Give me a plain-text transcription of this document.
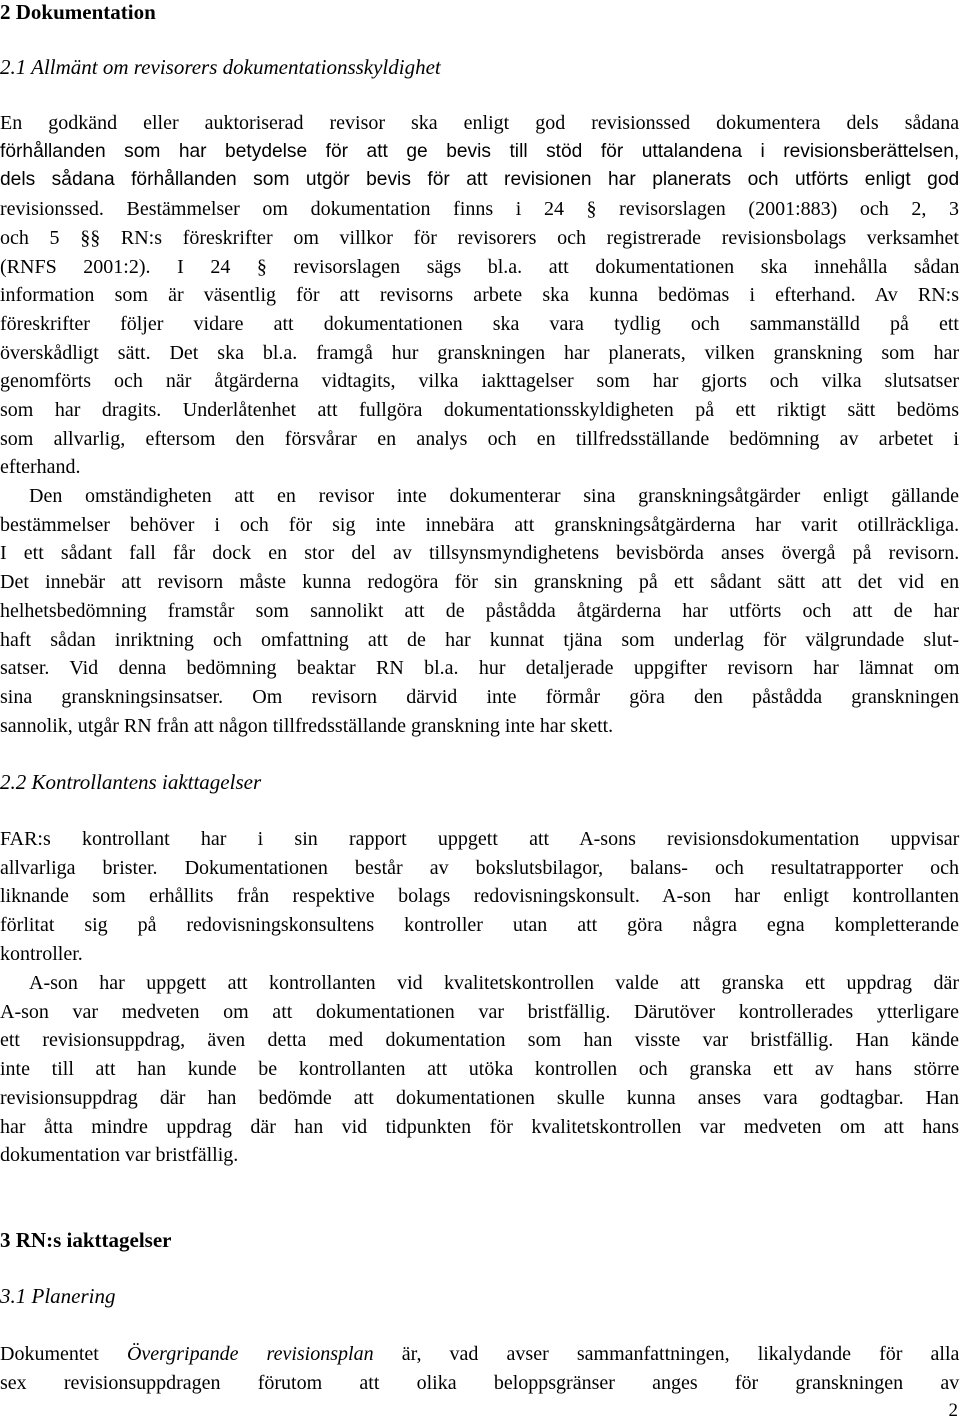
2 Dokumentation
2.1 Allmänt om revisorers dokumentationsskyldighet
En godkänd eller auktoriserad revisor ska enligt god revisionssed dokumentera dels sådana
förhållanden som har betydelse för att ge bevis till stöd för uttalandena i revisionsberättelsen,
dels sådana förhållanden som utgör bevis för att revisionen har planerats och utförts enligt god
revisionssed. Bestämmelser om dokumentation finns i 24 § revisorslagen (2001:883) och 2, 3
och 5 §§ RN:s föreskrifter om villkor för revisorers och registrerade revisionsbolags verksamhet
(RNFS 2001:2). I 24 § revisorslagen sägs bl.a. att dokumentationen ska innehålla sådan
information som är väsentlig för att revisorns arbete ska kunna bedömas i efterhand. Av RN:s
föreskrifter följer vidare att dokumentationen ska vara tydlig och sammanställd på ett
överskådligt sätt. Det ska bl.a. framgå hur granskningen har planerats, vilken granskning som har
genomförts och när åtgärderna vidtagits, vilka iakttagelser som har gjorts och vilka slutsatser
som har dragits. Underlåtenhet att fullgöra dokumentationsskyldigheten på ett riktigt sätt bedöms
som allvarlig, eftersom den försvårar en analys och en tillfredsställande bedömning av arbetet i
efterhand.
Den omständigheten att en revisor inte dokumenterar sina granskningsåtgärder enligt gällande
bestämmelser behöver i och för sig inte innebära att granskningsåtgärderna har varit otillräckliga.
I ett sådant fall får dock en stor del av tillsynsmyndighetens bevisbörda anses övergå på revisorn.
Det innebär att revisorn måste kunna redogöra för sin granskning på ett sådant sätt att det vid en
helhetsbedömning framstår som sannolikt att de påstådda åtgärderna har utförts och att de har
haft sådan inriktning och omfattning att de har kunnat tjäna som underlag för välgrundade slut-
satser. Vid denna bedömning beaktar RN bl.a. hur detaljerade uppgifter revisorn har lämnat om
sina granskningsinsatser. Om revisorn därvid inte förmår göra den påstådda granskningen
sannolik, utgår RN från att någon tillfredsställande granskning inte har skett.
2.2 Kontrollantens iakttagelser
FAR:s kontrollant har i sin rapport uppgett att A-sons revisionsdokumentation uppvisar
allvarliga brister. Dokumentationen består av bokslutsbilagor, balans- och resultatrapporter och
liknande som erhållits från respektive bolags redovisningskonsult. A-son har enligt kontrollanten
förlitat sig på redovisningskonsultens kontroller utan att göra några egna kompletterande
kontroller.
A-son har uppgett att kontrollanten vid kvalitetskontrollen valde att granska ett uppdrag där
A-son var medveten om att dokumentationen var bristfällig. Därutöver kontrollerades ytterligare
ett revisionsuppdrag, även detta med dokumentation som han visste var bristfällig. Han kände
inte till att han kunde be kontrollanten att utöka kontrollen och granska ett av hans större
revisionsuppdrag där han bedömde att dokumentationen skulle kunna anses vara godtagbar. Han
har åtta mindre uppdrag där han vid tidpunkten för kvalitetskontrollen var medveten om att hans
dokumentation var bristfällig.
3 RN:s iakttagelser
3.1 Planering
Dokumentet Övergripande revisionsplan är, vad avser sammanfattningen, likalydande för alla
sex revisionsuppdragen förutom att olika beloppsgränser anges för granskningen av
2
